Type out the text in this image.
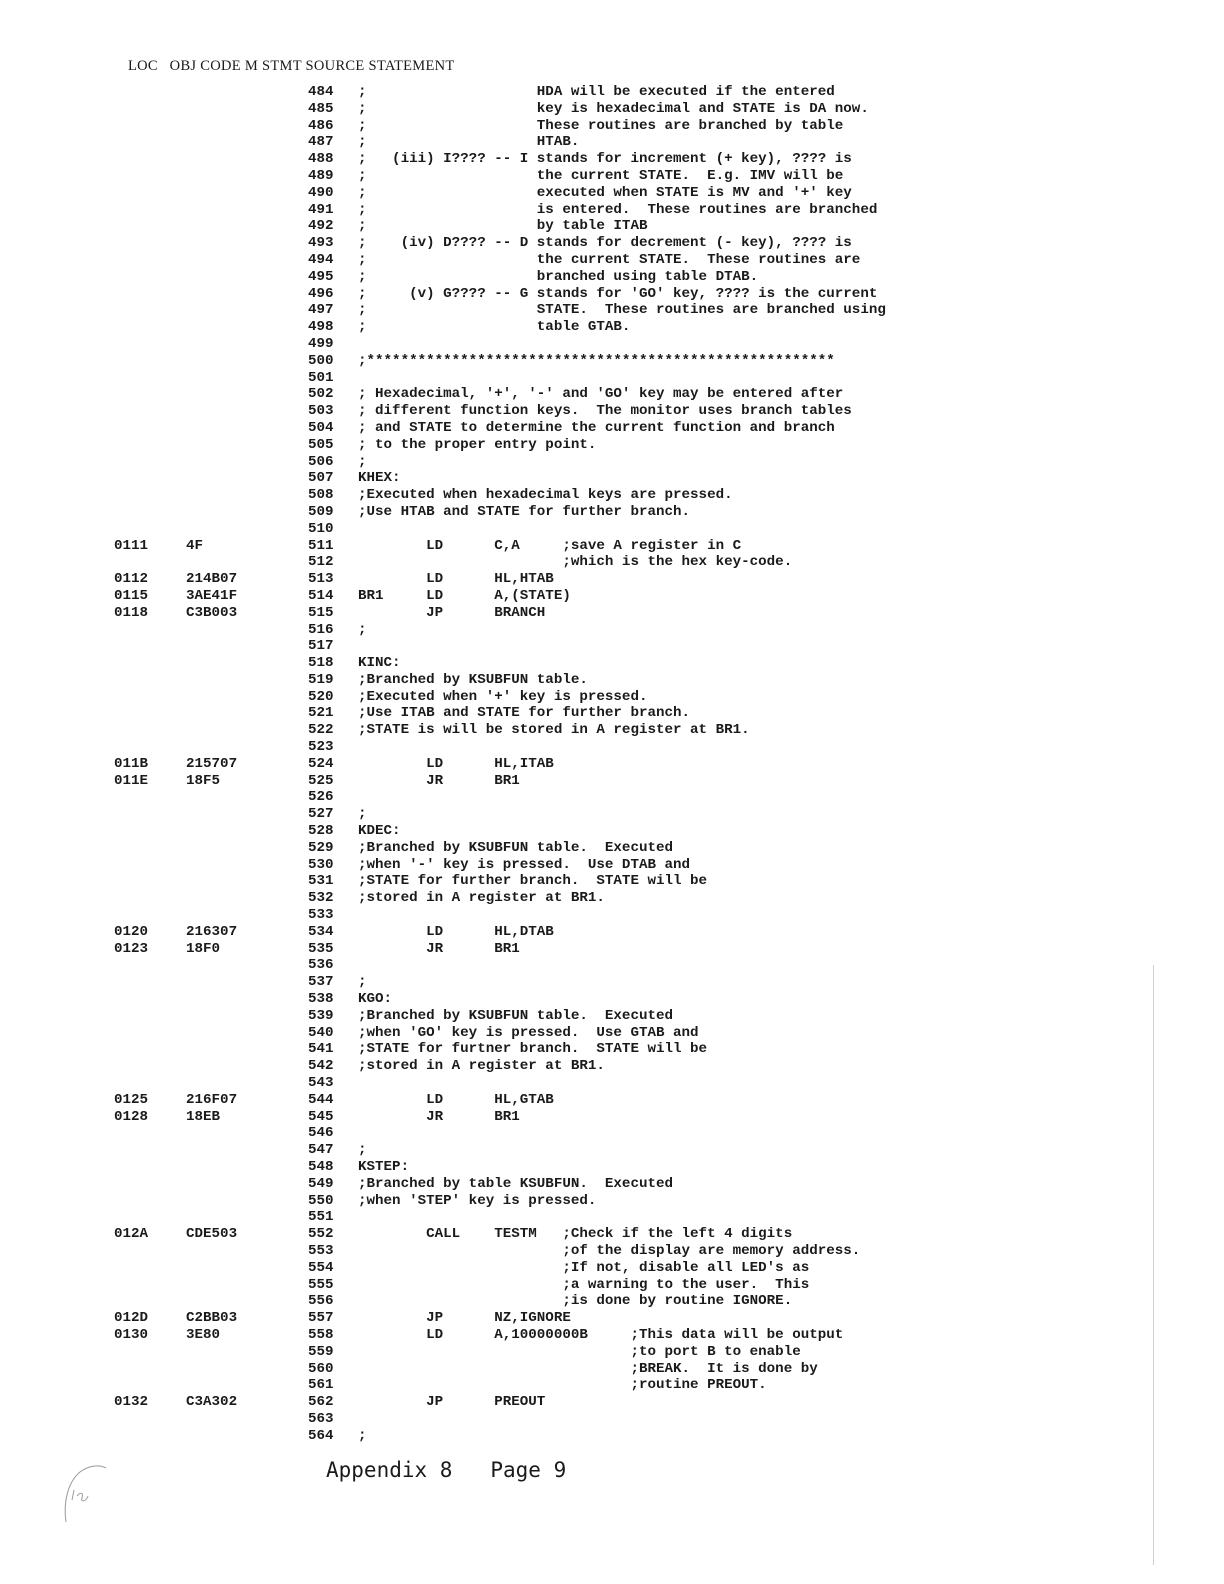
LOC   OBJ CODE M STMT SOURCE STATEMENT
484 ;                    HDA will be executed if the entered
485 ;                    key is hexadecimal and STATE is DA now.
486 ;                    These routines are branched by table
487 ;                    HTAB.
488 ;   (iii) I???? -- I stands for increment (+ key), ???? is
489 ;                    the current STATE.  E.g. IMV will be
490 ;                    executed when STATE is MV and '+' key
491 ;                    is entered.  These routines are branched
492 ;                    by table ITAB
493 ;    (iv) D???? -- D stands for decrement (- key), ???? is
494 ;                    the current STATE.  These routines are
495 ;                    branched using table DTAB.
496 ;     (v) G???? -- G stands for 'GO' key, ???? is the current
497 ;                    STATE.  These routines are branched using
498 ;                    table GTAB.
499
500 ;*******************************************************
501
502 ; Hexadecimal, '+', '-' and 'GO' key may be entered after
503 ; different function keys.  The monitor uses branch tables
504 ; and STATE to determine the current function and branch
505 ; to the proper entry point.
506 ;
507 KHEX:
508 ;Executed when hexadecimal keys are pressed.
509 ;Use HTAB and STATE for further branch.
510
0111	4F	511 LD      C,A     ;save A register in C
512 ;which is the hex key-code.
0112	214B07	513 LD      HL,HTAB
0115	3AE41F	514 BR1     LD      A,(STATE)
0118	C3B003	515 JP      BRANCH
516 ;
517
518 KINC:
519 ;Branched by KSUBFUN table.
520 ;Executed when '+' key is pressed.
521 ;Use ITAB and STATE for further branch.
522 ;STATE is will be stored in A register at BR1.
523
011B	215707	524 LD      HL,ITAB
011E	18F5	525 JR      BR1
526
527 ;
528 KDEC:
529 ;Branched by KSUBFUN table.  Executed
530 ;when '-' key is pressed.  Use DTAB and
531 ;STATE for further branch.  STATE will be
532 ;stored in A register at BR1.
533
0120	216307	534 LD      HL,DTAB
0123	18F0	535 JR      BR1
536
537 ;
538 KGO:
539 ;Branched by KSUBFUN table.  Executed
540 ;when 'GO' key is pressed.  Use GTAB and
541 ;STATE for furtner branch.  STATE will be
542 ;stored in A register at BR1.
543
0125	216F07	544 LD      HL,GTAB
0128	18EB	545 JR      BR1
546
547 ;
548 KSTEP:
549 ;Branched by table KSUBFUN.  Executed
550 ;when 'STEP' key is pressed.
551
012A	CDE503	552 CALL    TESTM   ;Check if the left 4 digits
553 ;of the display are memory address.
554 ;If not, disable all LED's as
555 ;a warning to the user.  This
556 ;is done by routine IGNORE.
012D	C2BB03	557 JP      NZ,IGNORE
0130	3E80	558 LD      A,10000000B     ;This data will be output
559 ;to port B to enable
560 ;BREAK.  It is done by
561 ;routine PREOUT.
0132	C3A302	562 JP      PREOUT
563
564 ;
Appendix 8   Page 9
